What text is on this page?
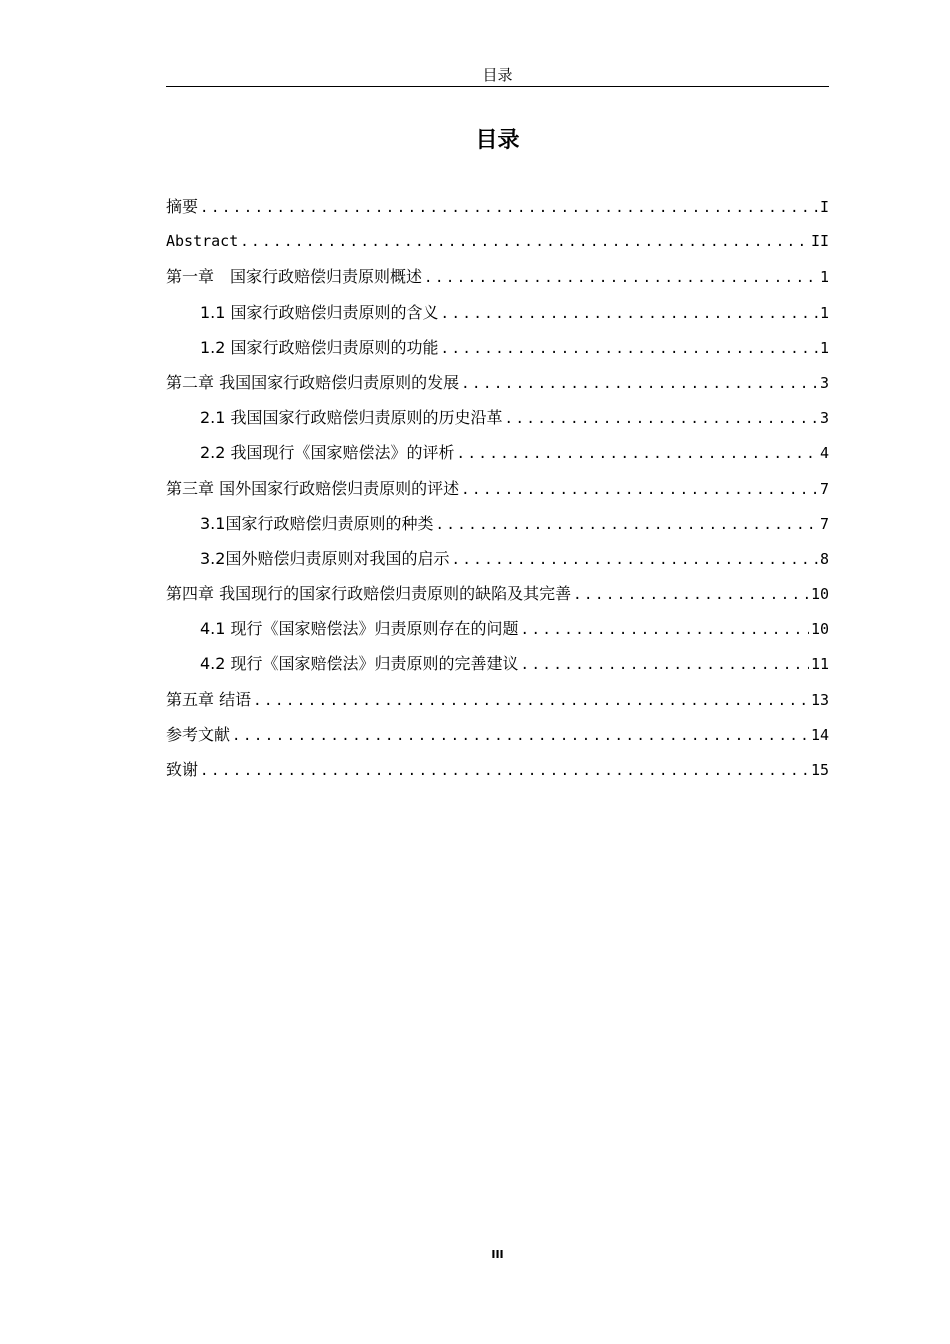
目录
目录
摘要 .....	I
Abstract .....	II
第一章　国家行政赔偿归责原则概述 .....	1
1.1 国家行政赔偿归责原则的含义 .....	1
1.2 国家行政赔偿归责原则的功能 .....	1
第二章 我国国家行政赔偿归责原则的发展 .....	3
2.1 我国国家行政赔偿归责原则的历史沿革 .....	3
2.2 我国现行《国家赔偿法》的评析 .....	4
第三章 国外国家行政赔偿归责原则的评述 .....	7
3.1国家行政赔偿归责原则的种类 .....	7
3.2国外赔偿归责原则对我国的启示 .....	8
第四章 我国现行的国家行政赔偿归责原则的缺陷及其完善 .....	10
4.1 现行《国家赔偿法》归责原则存在的问题 .....	10
4.2 现行《国家赔偿法》归责原则的完善建议 .....	11
第五章 结语 .....	13
参考文献 .....	14
致谢 .....	15
III
